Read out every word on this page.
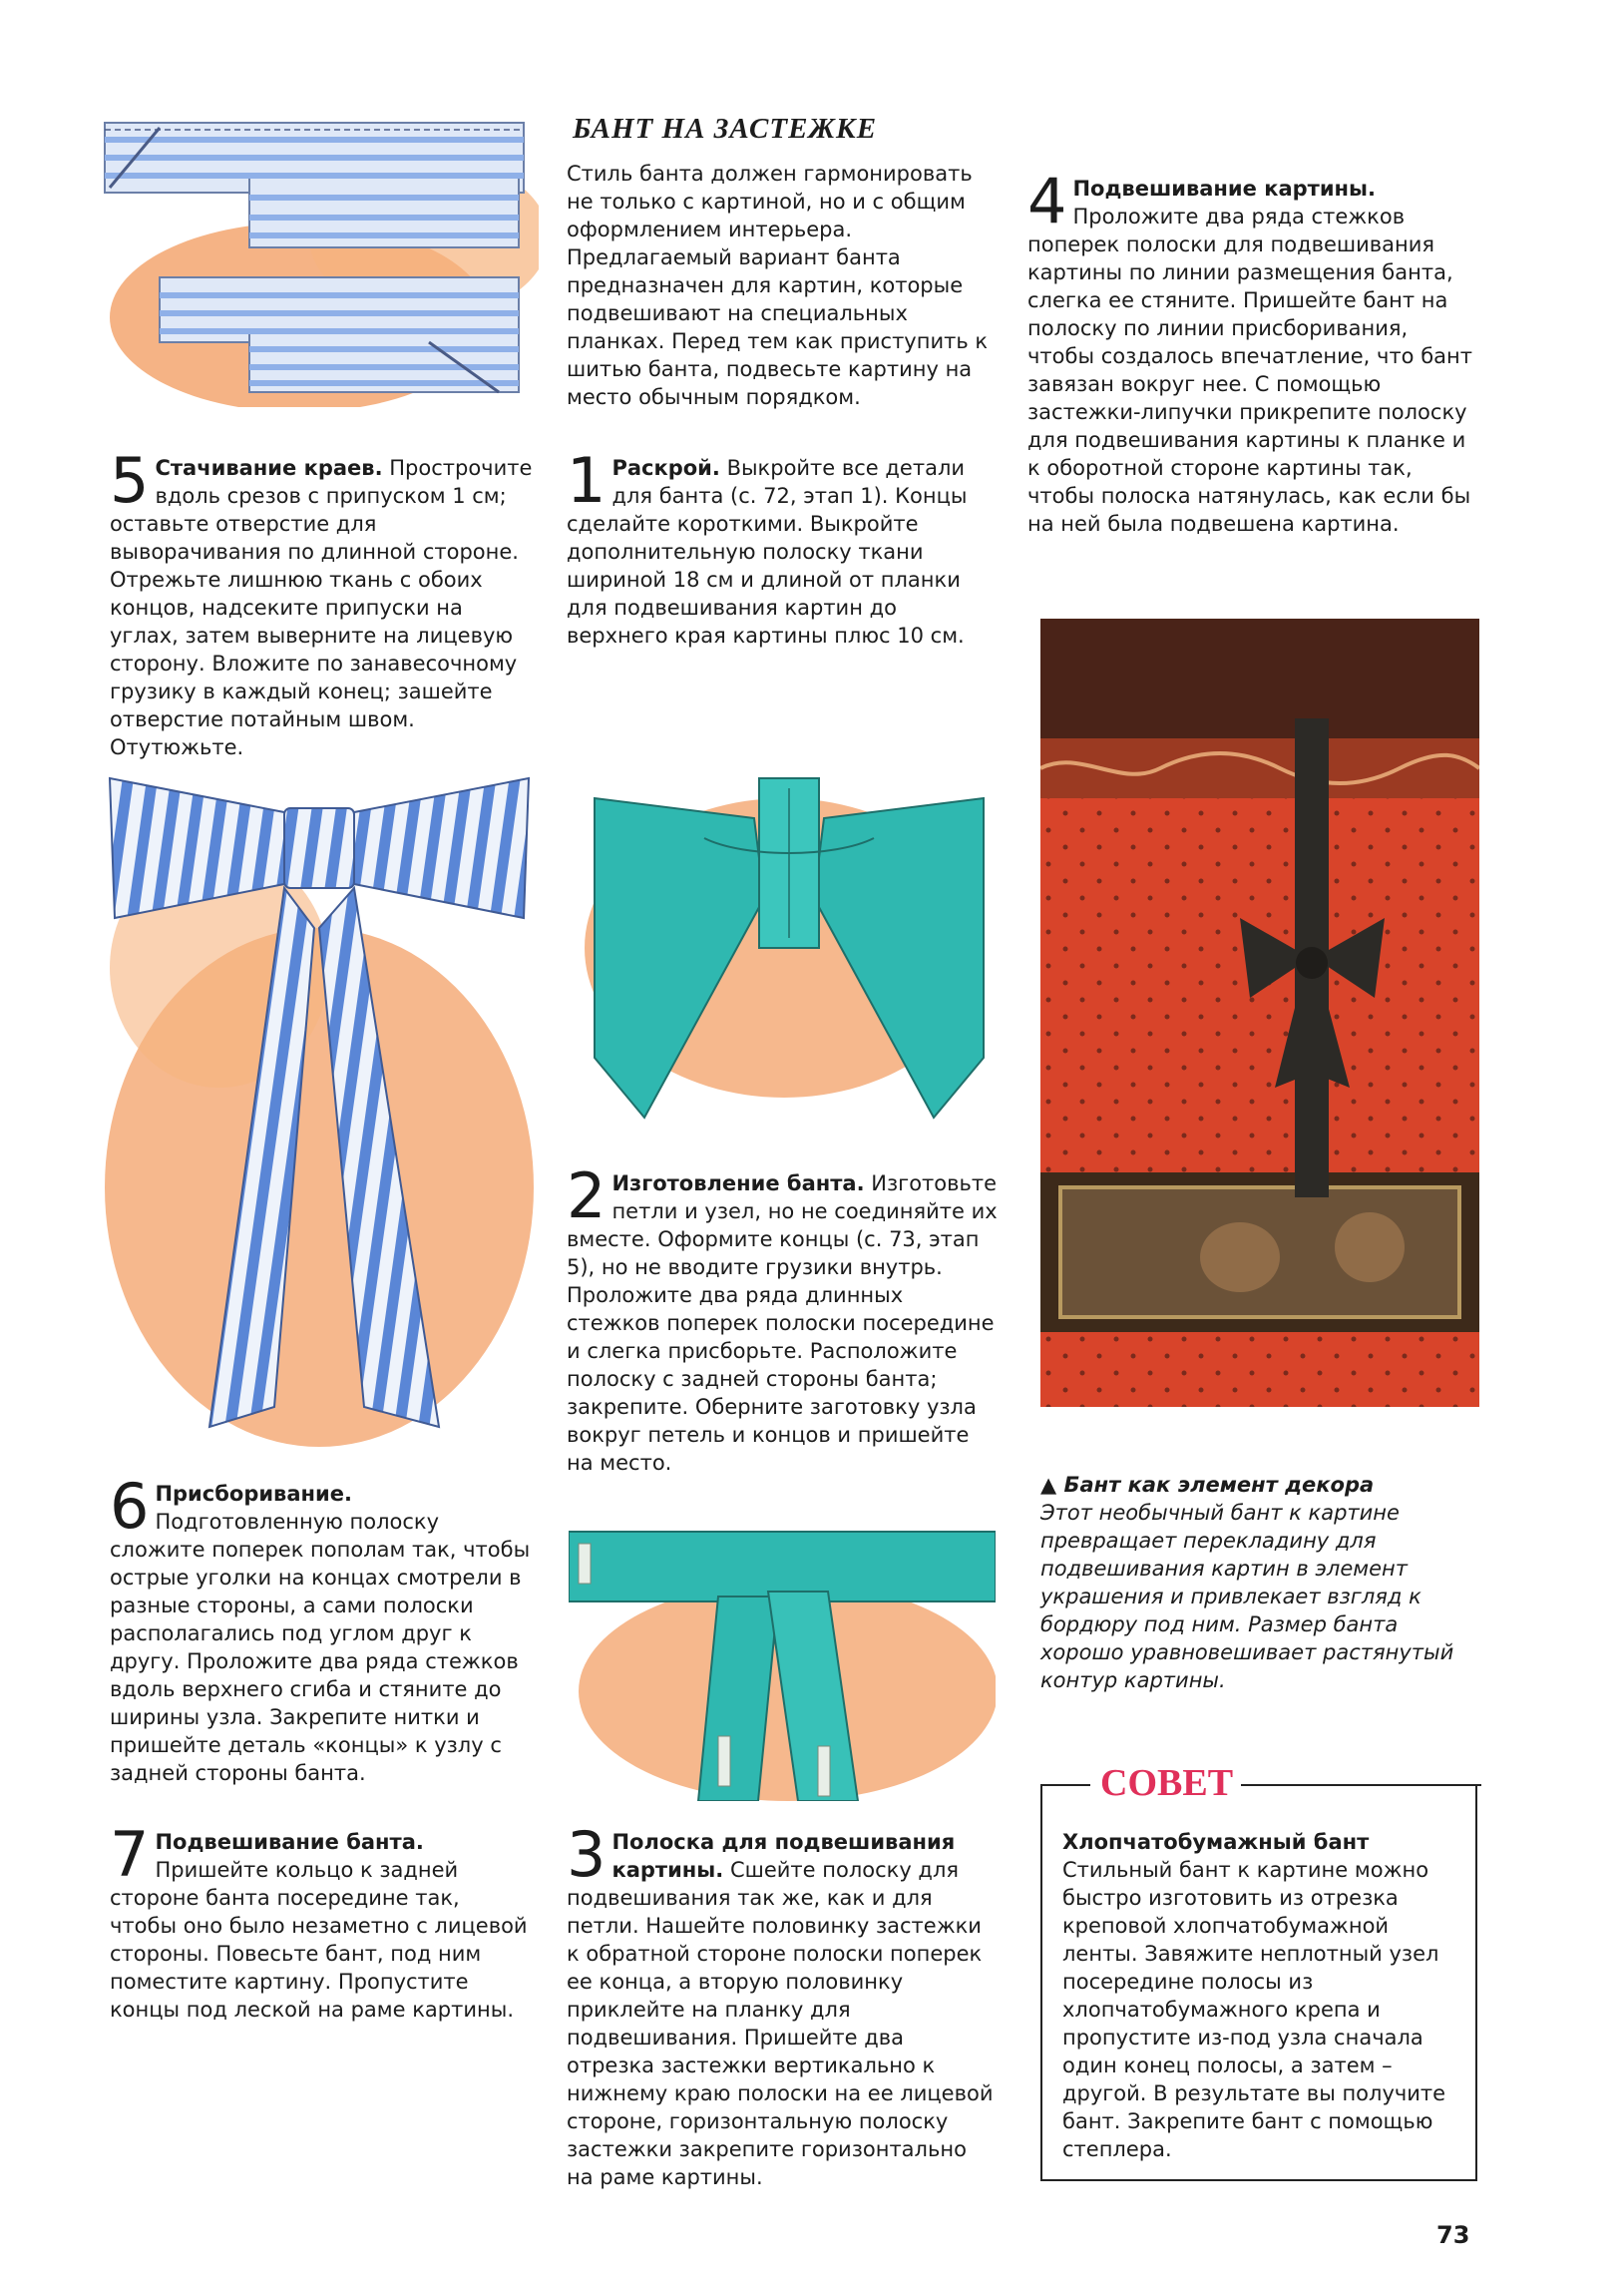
БАНТ НА ЗАСТЕЖКЕ

Стиль банта должен гармонировать не только с картиной, но и с общим оформлением интерьера. Предлагаемый вариант банта предназначен для картин, которые подвешивают на специальных планках. Перед тем как приступить к шитью банта, подвесьте картину на место обычным порядком.

5 Стачивание краев. Прострочите вдоль срезов с припуском 1 см; оставьте отверстие для выворачивания по длинной стороне. Отрежьте лишнюю ткань с обоих концов, надсеките припуски на углах, затем выверните на лицевую сторону. Вложите по занавесочному грузику в каждый конец; зашейте отверстие потайным швом. Отутюжьте.
1 Раскрой. Выкройте все детали для банта (с. 72, этап 1). Концы сделайте короткими. Выкройте дополнительную полоску ткани шириной 18 см и длиной от планки для подвешивания картин до верхнего края картины плюс 10 см.
4 Подвешивание картины. Проложите два ряда стежков поперек полоски для подвешивания картины по линии размещения банта, слегка ее стяните. Пришейте бант на полоску по линии присборивания, чтобы создалось впечатление, что бант завязан вокруг нее. С помощью застежки-липучки прикрепите полоску для подвешивания картины к планке и к оборотной стороне картины так, чтобы полоска натянулась, как если бы на ней была подвешена картина.
2 Изготовление банта. Изготовьте петли и узел, но не соединяйте их вместе. Оформите концы (с. 73, этап 5), но не вводите грузики внутрь. Проложите два ряда длинных стежков поперек полоски посередине и слегка присборьте. Расположите полоску с задней стороны банта; закрепите. Оберните заготовку узла вокруг петель и концов и пришейте на место.
6 Присборивание. Подготовленную полоску сложите поперек пополам так, чтобы острые уголки на концах смотрели в разные стороны, а сами полоски располагались под углом друг к другу. Проложите два ряда стежков вдоль верхнего сгиба и стяните до ширины узла. Закрепите нитки и пришейте деталь «концы» к узлу с задней стороны банта.
7 Подвешивание банта. Пришейте кольцо к задней стороне банта посередине так, чтобы оно было незаметно с лицевой стороны. Повесьте бант, под ним поместите картину. Пропустите концы под леской на раме картины.
3 Полоска для подвешивания картины. Сшейте полоску для подвешивания так же, как и для петли. Нашейте половинку застежки к обратной стороне полоски поперек ее конца, а вторую половинку приклейте на планку для подвешивания. Пришейте два отрезка застежки вертикально к нижнему краю полоски на ее лицевой стороне, горизонтальную полоску застежки закрепите горизонтально на раме картины.
▲ Бант как элемент декора
Этот необычный бант к картине превращает перекладину для подвешивания картин в элемент украшения и привлекает взгляд к бордюру под ним. Размер банта хорошо уравновешивает растянутый контур картины.
СОВЕТ
Хлопчатобумажный бант
Стильный бант к картине можно быстро изготовить из отрезка крепoвой хлопчатобумажной ленты. Завяжите неплотный узел посередине полосы из хлопчатобумажного крепа и пропустите из-под узла сначала один конец полосы, а затем – другой. В результате вы получите бант. Закрепите бант с помощью степлера.
73
